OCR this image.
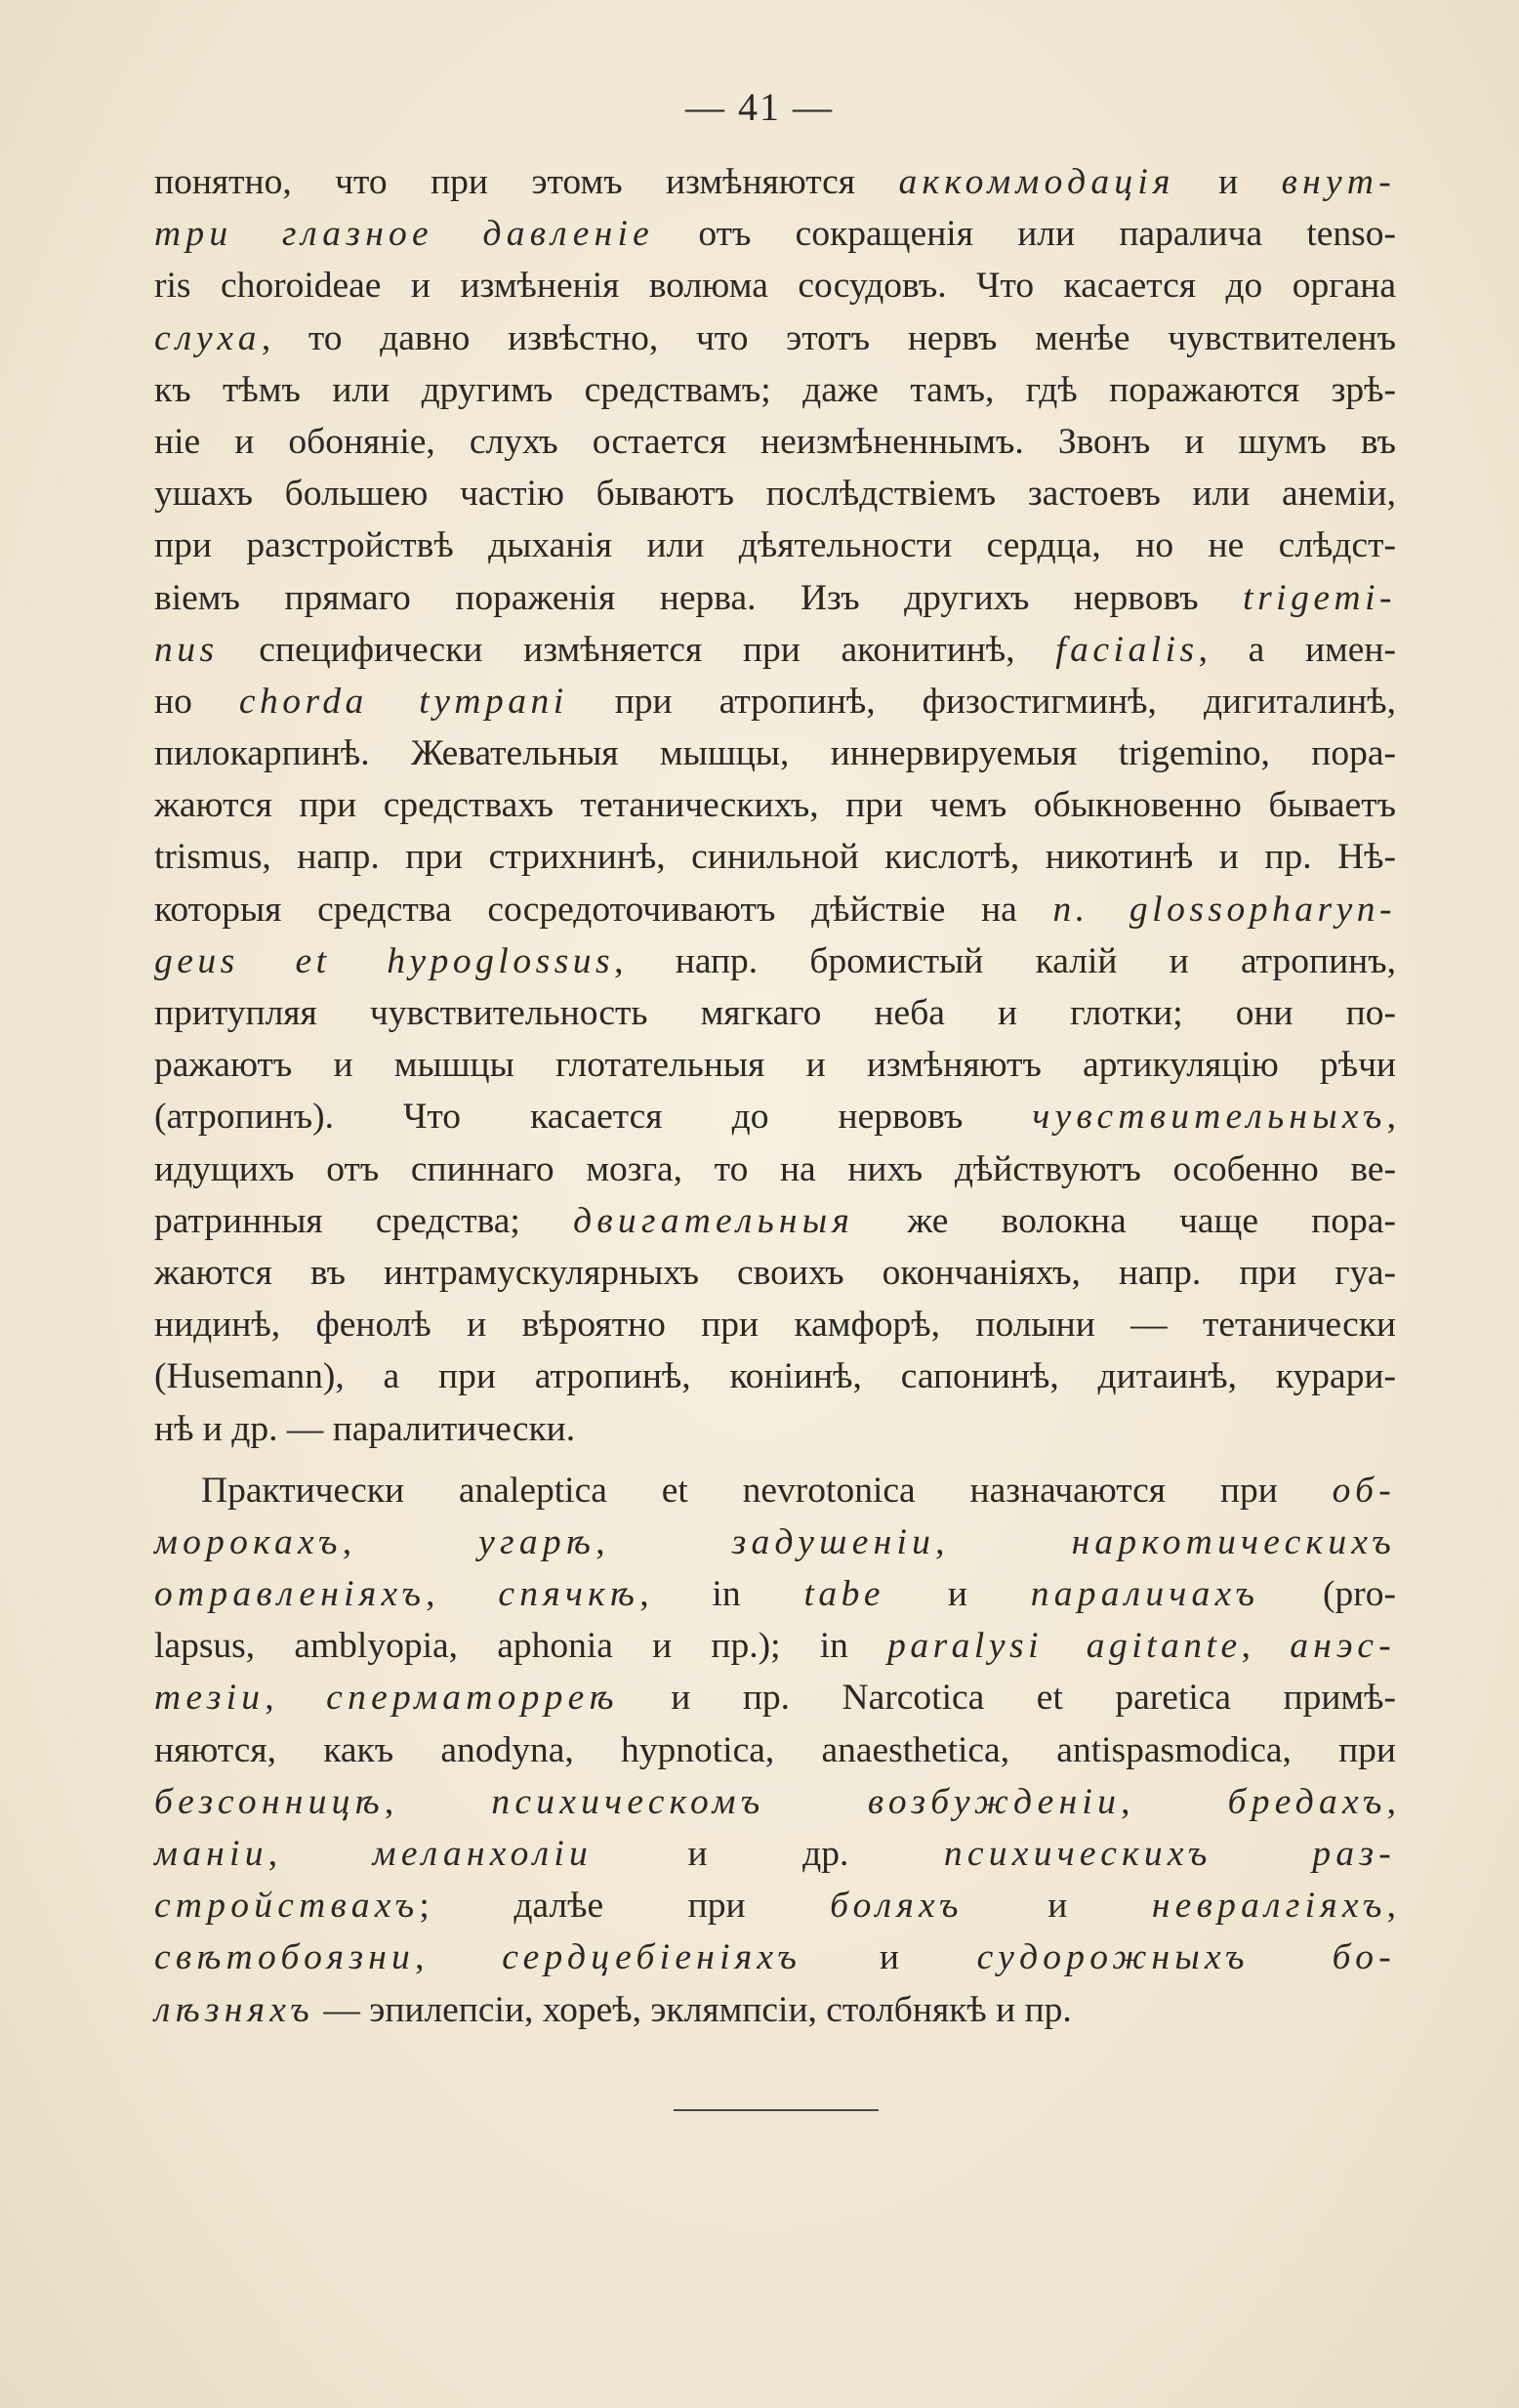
— 41 —
понятно, что при этомъ измѣняются аккоммодація и внут-
три глазное давленіе отъ сокращенія или паралича tenso-
ris choroideae и измѣненія волюма сосудовъ. Что касается до органа
слуха, то давно извѣстно, что этотъ нервъ менѣе чувствителенъ
къ тѣмъ или другимъ средствамъ; даже тамъ, гдѣ поражаются зрѣ-
ніе и обоняніе, слухъ остается неизмѣненнымъ. Звонъ и шумъ въ
ушахъ большею частію бываютъ послѣдствіемъ застоевъ или анеміи,
при разстройствѣ дыханія или дѣятельности сердца, но не слѣдст-
віемъ прямаго пораженія нерва. Изъ другихъ нервовъ trigemi-
nus специфически измѣняется при аконитинѣ, facialis, а имен-
но chorda tympani при атропинѣ, физостигминѣ, дигиталинѣ,
пилокарпинѣ. Жевательныя мышцы, иннервируемыя trigemino, пора-
жаются при средствахъ тетаническихъ, при чемъ обыкновенно бываетъ
trismus, напр. при стрихнинѣ, синильной кислотѣ, никотинѣ и пр. Нѣ-
которыя средства сосредоточиваютъ дѣйствіе на n. glossopharyn-
geus et hypoglossus, напр. бромистый калій и атропинъ,
притупляя чувствительность мягкаго неба и глотки; они по-
ражаютъ и мышцы глотательныя и измѣняютъ артикуляцію рѣчи
(атропинъ). Что касается до нервовъ чувствительныхъ,
идущихъ отъ спиннаго мозга, то на нихъ дѣйствуютъ особенно ве-
ратринныя средства; двигательныя же волокна чаще пора-
жаются въ интрамускулярныхъ своихъ окончаніяхъ, напр. при гуа-
нидинѣ, фенолѣ и вѣроятно при камфорѣ, полыни — тетанически
(Husemann), а при атропинѣ, коніинѣ, сапонинѣ, дитаинѣ, курари-
нѣ и др. — паралитически.
Практически analeptica et nevrotonica назначаются при об-
морокахъ, угарѣ, задушеніи, наркотическихъ
отравленіяхъ, спячкѣ, in tabe и параличахъ (pro-
lapsus, amblyopia, aphonia и пр.); in paralysi agitante, анэс-
тезіи, сперматорреѣ и пр. Narcotica et paretica примѣ-
няются, какъ anodyna, hypnotica, anaesthetica, antispasmodica, при
безсонницѣ, психическомъ возбужденіи, бредахъ,
маніи, меланхоліи и др. психическихъ раз-
стройствахъ; далѣе при боляхъ и невралгіяхъ,
свѣтобоязни, сердцебіеніяхъ и судорожныхъ бо-
лѣзняхъ — эпилепсіи, хореѣ, эклямпсіи, столбнякѣ и пр.
